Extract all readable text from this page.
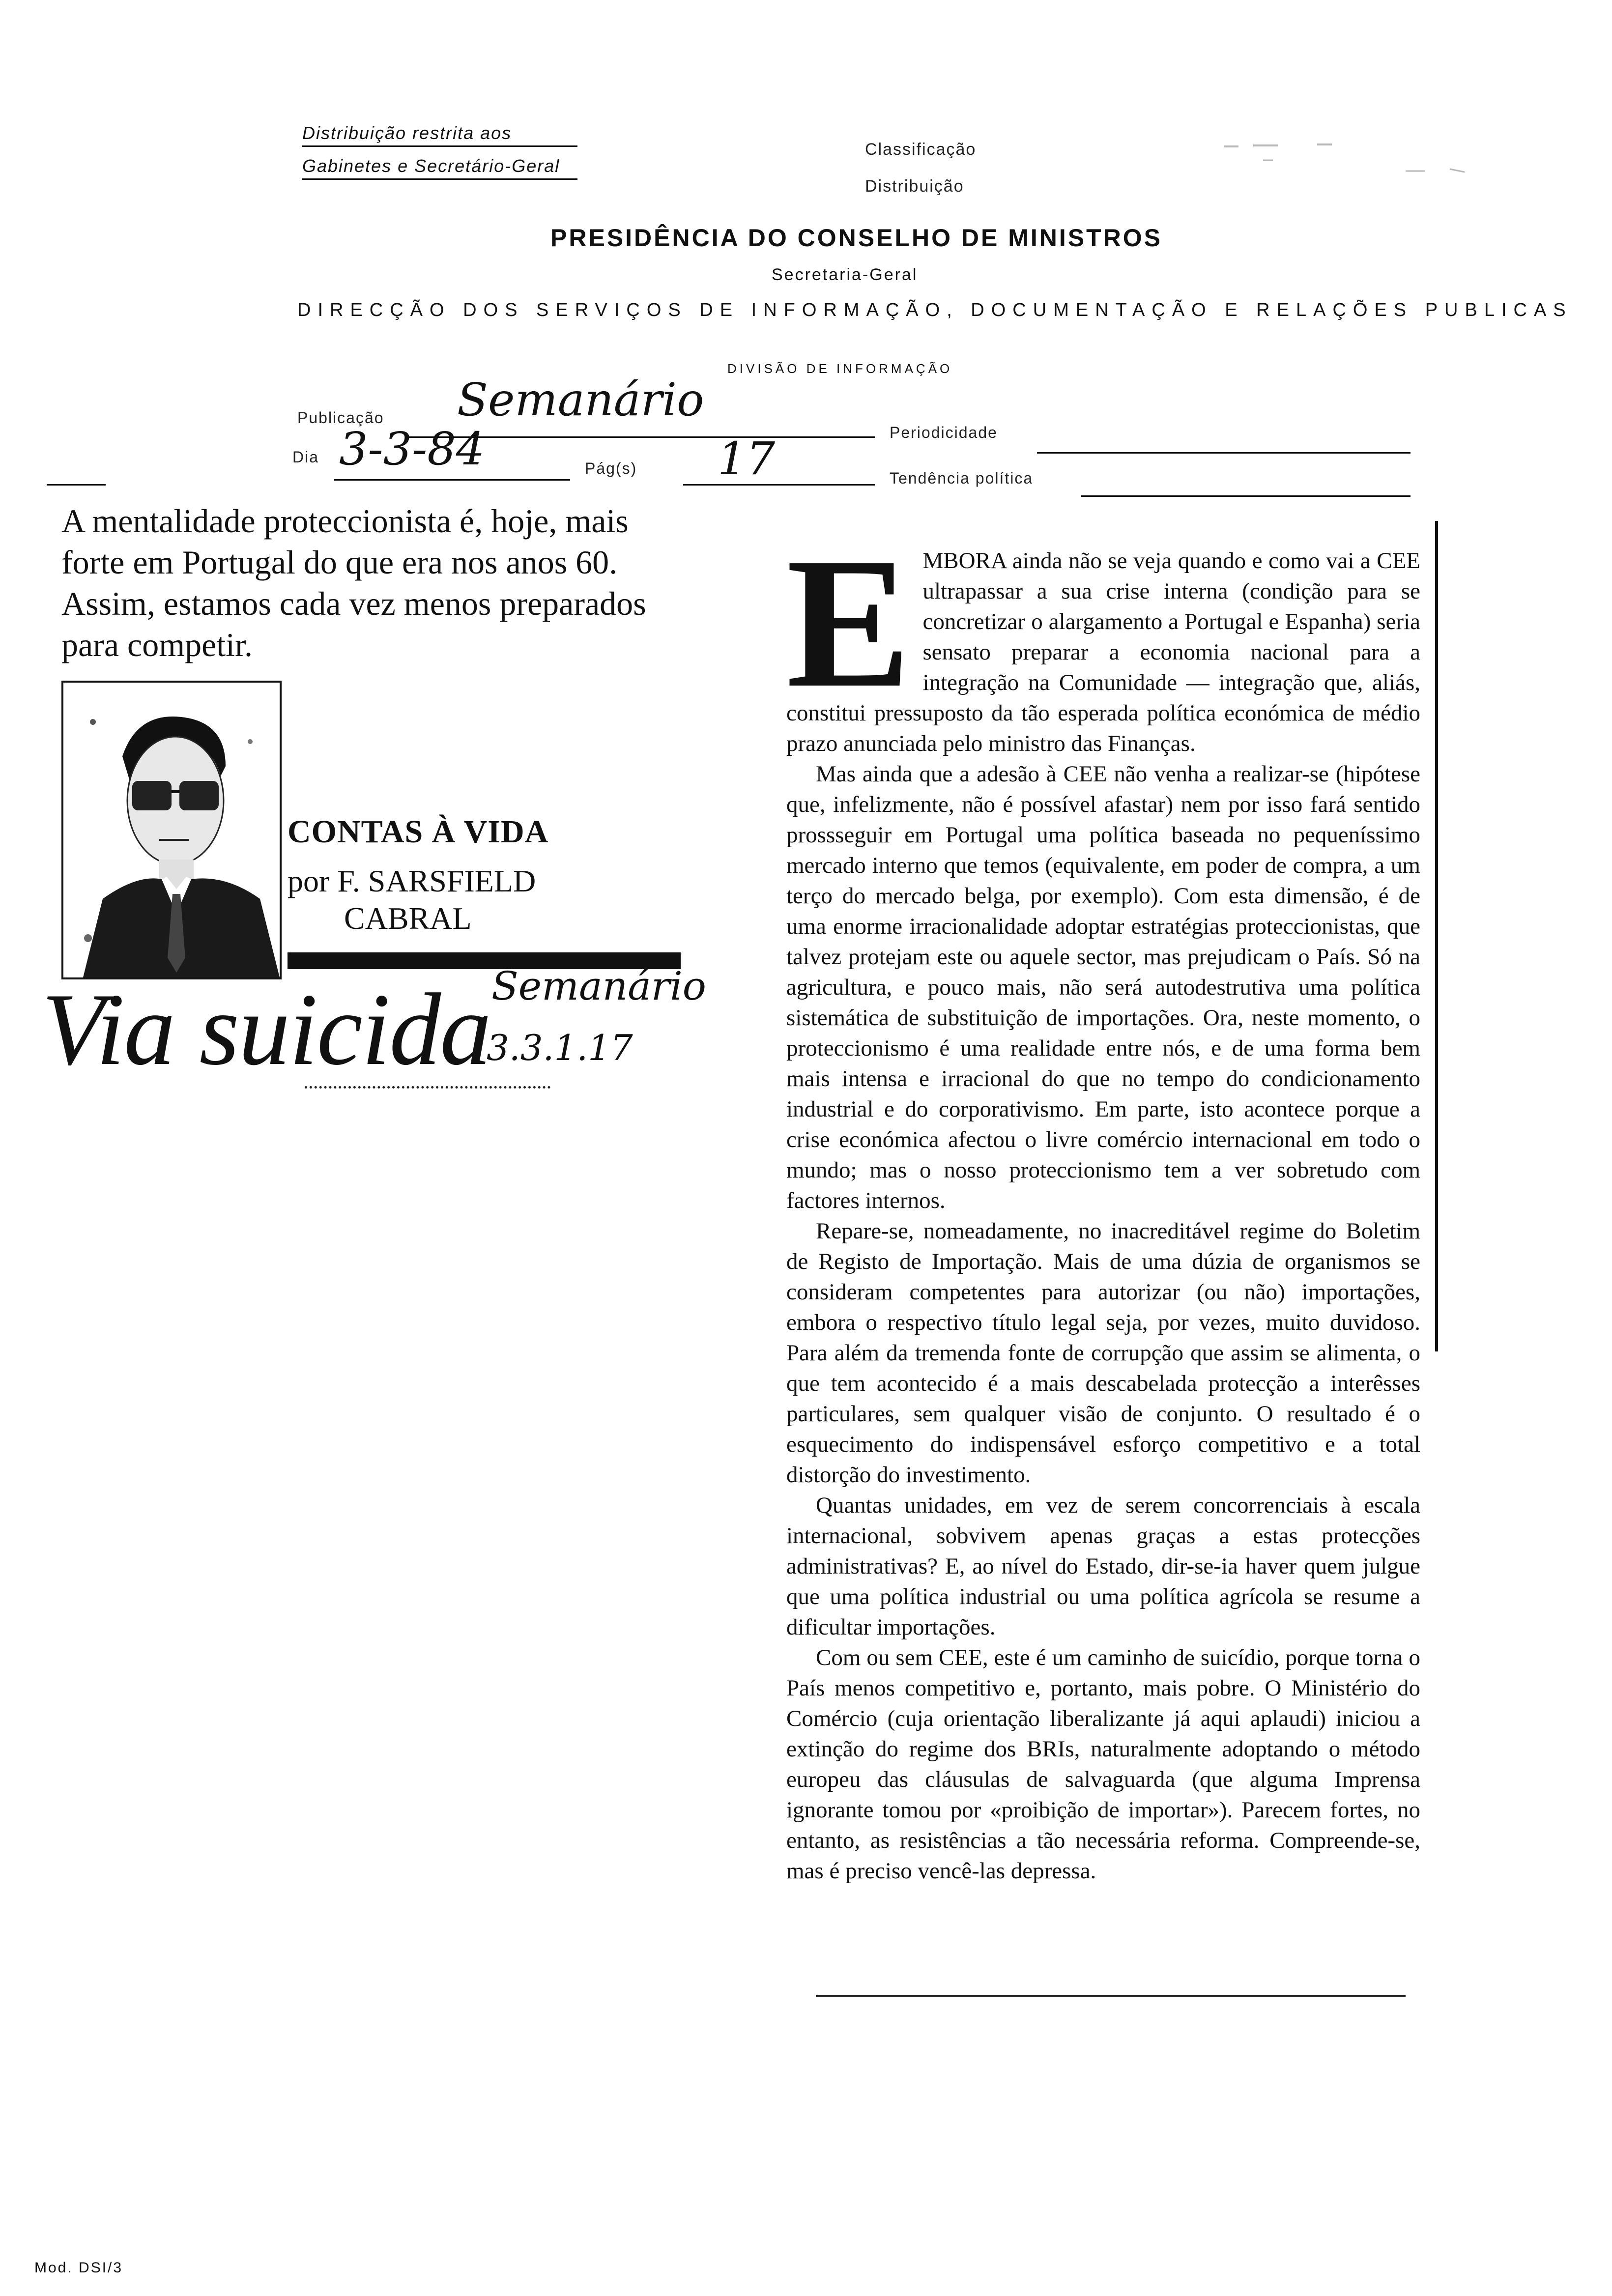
Distribuição restrita aos
Gabinetes e Secretário-Geral
Classificação
Distribuição
PRESIDÊNCIA DO CONSELHO DE MINISTROS
Secretaria-Geral
DIRECÇÃO DOS SERVIÇOS DE INFORMAÇÃO, DOCUMENTAÇÃO E RELAÇÕES PUBLICAS
DIVISÃO DE INFORMAÇÃO
Publicação Semanário
Periodicidade
Dia 3-3-84	Pág(s) 17	Tendência política
A mentalidade proteccionista é, hoje, mais forte em Portugal do que era nos anos 60. Assim, estamos cada vez menos preparados para competir.
CONTAS À VIDA
por F. SARSFIELD
CABRAL
Via suicida Semanário
3.3.1.17

EMBORA ainda não se veja quando e como vai a CEE ultrapassar a sua crise interna (condição para se concretizar o alargamento a Portugal e Espanha) seria sensato preparar a economia nacional para a integração na Comunidade — integração que, aliás, constitui pressuposto da tão esperada política económica de médio prazo anunciada pelo ministro das Finanças.

Mas ainda que a adesão à CEE não venha a realizar-se (hipótese que, infelizmente, não é possível afastar) nem por isso fará sentido prossseguir em Portugal uma política baseada no pequeníssimo mercado interno que temos (equivalente, em poder de compra, a um terço do mercado belga, por exemplo). Com esta dimensão, é de uma enorme irracionalidade adoptar estratégias proteccionistas, que talvez protejam este ou aquele sector, mas prejudicam o País. Só na agricultura, e pouco mais, não será autodestrutiva uma política sistemática de substituição de importações. Ora, neste momento, o proteccionismo é uma realidade entre nós, e de uma forma bem mais intensa e irracional do que no tempo do condicionamento industrial e do corporativismo. Em parte, isto acontece porque a crise económica afectou o livre comércio internacional em todo o mundo; mas o nosso proteccionismo tem a ver sobretudo com factores internos.

Repare-se, nomeadamente, no inacreditável regime do Boletim de Registo de Importação. Mais de uma dúzia de organismos se consideram competentes para autorizar (ou não) importações, embora o respectivo título legal seja, por vezes, muito duvidoso. Para além da tremenda fonte de corrupção que assim se alimenta, o que tem acontecido é a mais descabelada protecção a interêsses particulares, sem qualquer visão de conjunto. O resultado é o esquecimento do indispensável esforço competitivo e a total distorção do investimento.

Quantas unidades, em vez de serem concorrenciais à escala internacional, sobvivem apenas graças a estas protecções administrativas? E, ao nível do Estado, dir-se-ia haver quem julgue que uma política industrial ou uma política agrícola se resume a dificultar importações.

Com ou sem CEE, este é um caminho de suicídio, porque torna o País menos competitivo e, portanto, mais pobre. O Ministério do Comércio (cuja orientação liberalizante já aqui aplaudi) iniciou a extinção do regime dos BRIs, naturalmente adoptando o método europeu das cláusulas de salvaguarda (que alguma Imprensa ignorante tomou por «proibição de importar»). Parecem fortes, no entanto, as resistências a tão necessária reforma. Compreende-se, mas é preciso vencê-las depressa.

Mod. DSI/3
